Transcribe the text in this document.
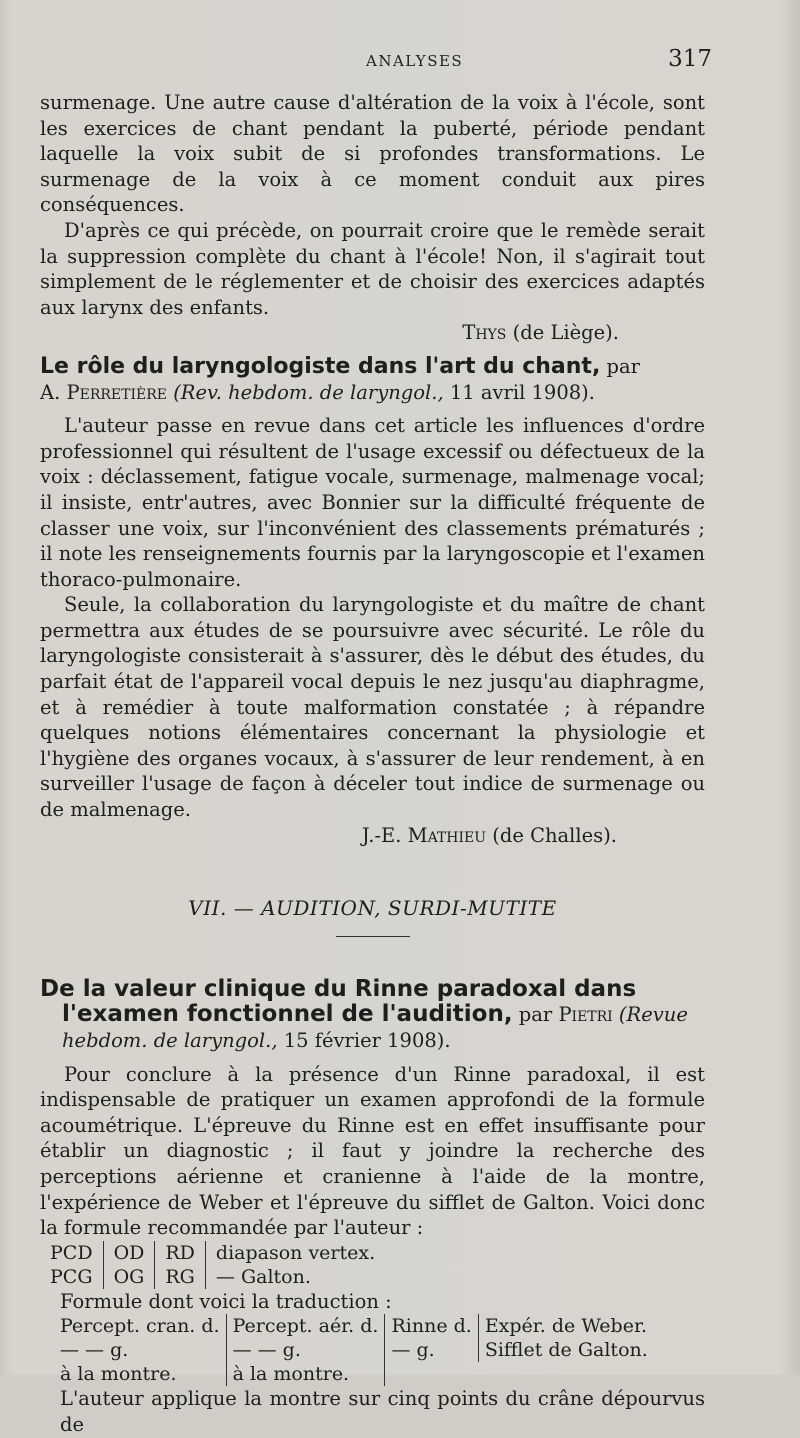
ANALYSES	317

surmenage. Une autre cause d'altération de la voix à l'école, sont les exercices de chant pendant la puberté, période pendant laquelle la voix subit de si profondes transformations. Le surmenage de la voix à ce moment conduit aux pires conséquences.

D'après ce qui précède, on pourrait croire que le remède serait la suppression complète du chant à l'école! Non, il s'agirait tout simplement de le réglementer et de choisir des exercices adaptés aux larynx des enfants.

Thys (de Liège).

Le rôle du laryngologiste dans l'art du chant, par
A. Perretière (Rev. hebdom. de laryngol., 11 avril 1908).

L'auteur passe en revue dans cet article les influences d'ordre professionnel qui résultent de l'usage excessif ou défectueux de la voix : déclassement, fatigue vocale, surmenage, malmenage vocal; il insiste, entr'autres, avec Bonnier sur la difficulté fréquente de classer une voix, sur l'inconvénient des classements prématurés ; il note les renseignements fournis par la laryngoscopie et l'examen thoraco-pulmonaire.

Seule, la collaboration du laryngologiste et du maître de chant permettra aux études de se poursuivre avec sécurité. Le rôle du laryngologiste consisterait à s'assurer, dès le début des études, du parfait état de l'appareil vocal depuis le nez jusqu'au diaphragme, et à remédier à toute malformation constatée ; à répandre quelques notions élémentaires concernant la physiologie et l'hygiène des organes vocaux, à s'assurer de leur rendement, à en surveiller l'usage de façon à déceler tout indice de surmenage ou de malmenage.

J.-E. Mathieu (de Challes).

VII. — AUDITION, SURDI-MUTITE

De la valeur clinique du Rinne paradoxal dans l'examen fonctionnel de l'audition, par Pietri (Revue hebdom. de laryngol., 15 février 1908).

Pour conclure à la présence d'un Rinne paradoxal, il est indispensable de pratiquer un examen approfondi de la formule acoumétrique. L'épreuve du Rinne est en effet insuffisante pour établir un diagnostic ; il faut y joindre la recherche des perceptions aérienne et cranienne à l'aide de la montre, l'expérience de Weber et l'épreuve du sifflet de Galton. Voici donc la formule recommandée par l'auteur :

PCD	OD	RD	diapason vertex.
PCG	OG	RG	— Galton.

Formule dont voici la traduction :

Percept. cran. d.	Percept. aér. d.	Rinne d.	Expér. de Weber.
— — g.	— — g.	— g.	Sifflet de Galton.
à la montre.	à la montre.		

L'auteur applique la montre sur cinq points du crâne dépourvus de
